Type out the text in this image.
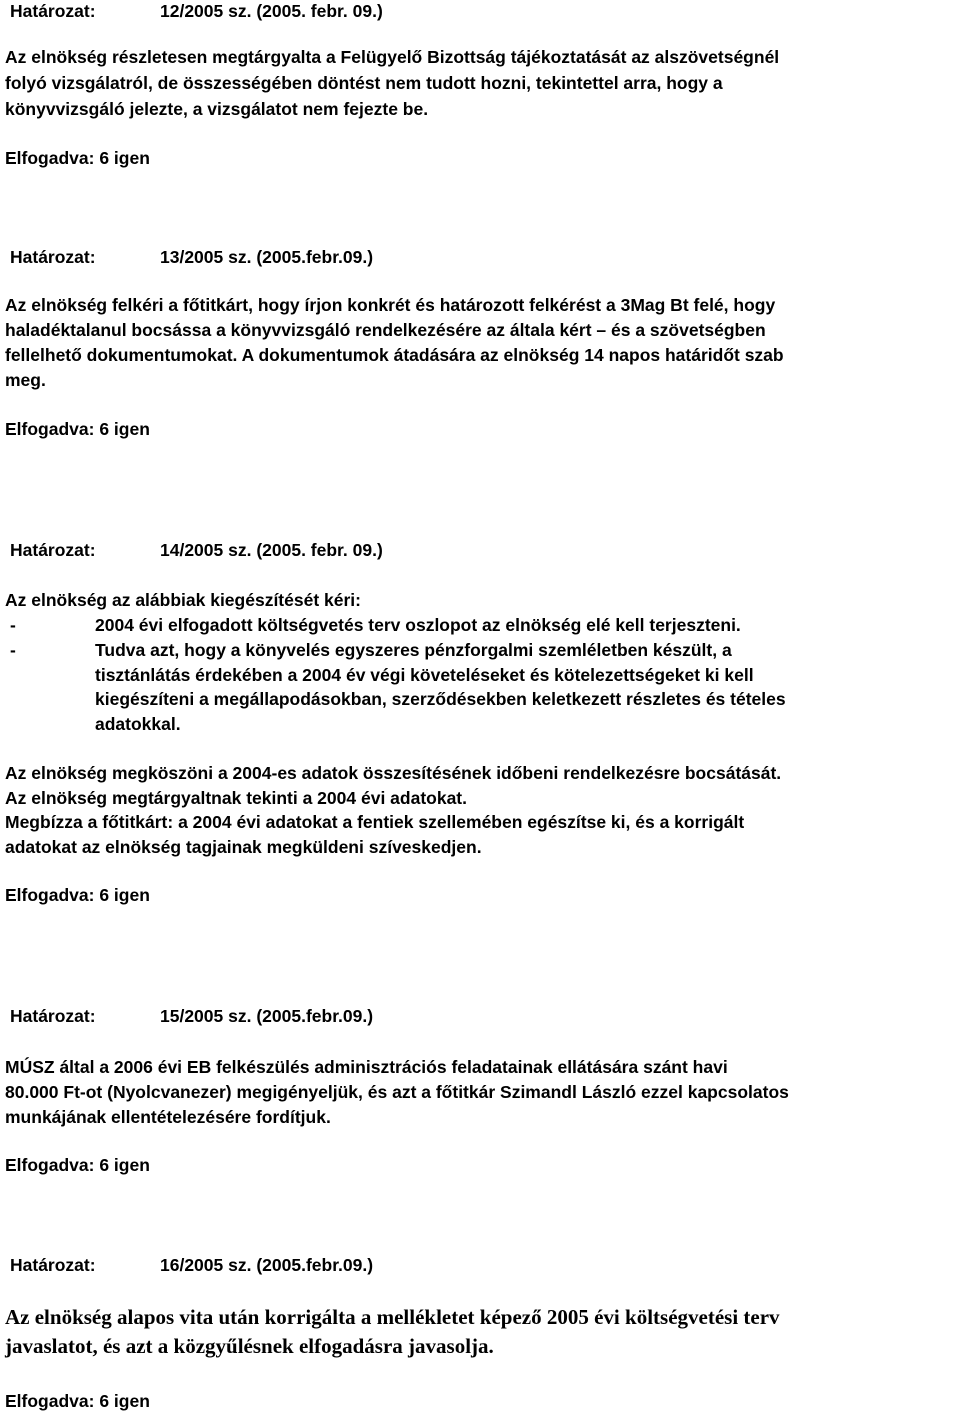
Határozat:	12/2005 sz. (2005. febr. 09.)
Az elnökség részletesen megtárgyalta a Felügyelő Bizottság tájékoztatását az alszövetségnél
folyó vizsgálatról, de összességében döntést nem tudott hozni, tekintettel arra, hogy a
könyvvizsgáló jelezte, a vizsgálatot nem fejezte be.
Elfogadva: 6 igen
Határozat:	13/2005 sz. (2005.febr.09.)
Az elnökség felkéri a főtitkárt, hogy írjon konkrét és határozott felkérést a 3Mag Bt felé, hogy
haladéktalanul bocsássa a könyvvizsgáló rendelkezésére az általa kért – és a szövetségben
fellelhető dokumentumokat. A dokumentumok átadására az elnökség 14 napos határidőt szab
meg.
Elfogadva: 6 igen
Határozat:	14/2005 sz. (2005. febr. 09.)
Az elnökség az alábbiak kiegészítését kéri:
-	2004 évi elfogadott költségvetés terv oszlopot az elnökség elé kell terjeszteni.
-	Tudva azt, hogy a könyvelés egyszeres pénzforgalmi szemléletben készült, a
tisztánlátás érdekében a 2004 év végi követeléseket és kötelezettségeket ki kell
kiegészíteni a megállapodásokban, szerződésekben keletkezett részletes és tételes
adatokkal.
Az elnökség megköszöni a 2004-es adatok összesítésének időbeni rendelkezésre bocsátását.
Az elnökség megtárgyaltnak tekinti a 2004 évi adatokat.
Megbízza a főtitkárt: a 2004 évi adatokat a fentiek szellemében egészítse ki, és a korrigált
adatokat az elnökség tagjainak megküldeni szíveskedjen.
Elfogadva: 6 igen
Határozat:	15/2005 sz. (2005.febr.09.)
MÚSZ által a 2006 évi EB felkészülés adminisztrációs feladatainak ellátására szánt havi
80.000 Ft-ot (Nyolcvanezer) megigényeljük, és azt a főtitkár Szimandl László ezzel kapcsolatos
munkájának ellentételezésére fordítjuk.
Elfogadva: 6 igen
Határozat:	16/2005 sz. (2005.febr.09.)
Az elnökség alapos vita után korrigálta a mellékletet képező 2005 évi költségvetési terv
javaslatot, és azt a közgyűlésnek elfogadásra javasolja.
Elfogadva: 6 igen
